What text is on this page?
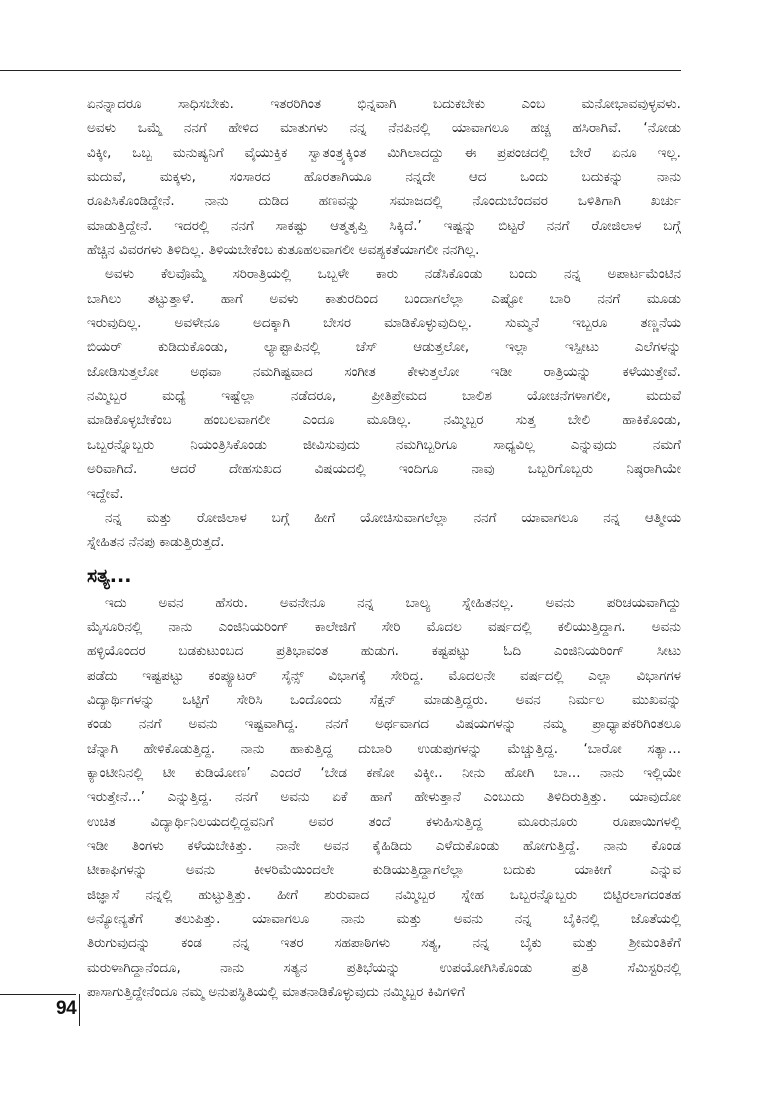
ಏನನ್ನಾದರೂ ಸಾಧಿಸಬೇಕು. ಇತರರಿಗಿಂತ ಭಿನ್ನವಾಗಿ ಬದುಕಬೇಕು ಎಂಬ ಮನೋಭಾವವುಳ್ಳವಳು.
ಅವಳು ಒಮ್ಮೆ ನನಗೆ ಹೇಳಿದ ಮಾತುಗಳು ನನ್ನ ನೆನಪಿನಲ್ಲಿ ಯಾವಾಗಲೂ ಹಚ್ಚ ಹಸಿರಾಗಿವೆ. ‘ನೋಡು
ವಿಕ್ಕೀ, ಒಬ್ಬ ಮನುಷ್ಯನಿಗೆ ವೈಯುಕ್ತಿಕ ಸ್ವಾತಂತ್ರ್ಯಕ್ಕಿಂತ ಮಿಗಿಲಾದದ್ದು ಈ ಪ್ರಪಂಚದಲ್ಲಿ ಬೇರೆ ಏನೂ ಇಲ್ಲ.
ಮದುವೆ, ಮಕ್ಕಳು, ಸಂಸಾರದ ಹೊರತಾಗಿಯೂ ನನ್ನದೇ ಆದ ಒಂದು ಬದುಕನ್ನು ನಾನು
ರೂಪಿಸಿಕೊಂಡಿದ್ದೇನೆ. ನಾನು ದುಡಿದ ಹಣವನ್ನು ಸಮಾಜದಲ್ಲಿ ನೊಂದುಬೆಂದವರ ಒಳಿತಿಗಾಗಿ ಖರ್ಚು
ಮಾಡುತ್ತಿದ್ದೇನೆ. ಇದರಲ್ಲಿ ನನಗೆ ಸಾಕಷ್ಟು ಆತ್ಮತೃಪ್ತಿ ಸಿಕ್ಕಿದೆ.’ ಇಷ್ಟನ್ನು ಬಿಟ್ಟರೆ ನನಗೆ ರೋಜಿಲಾಳ ಬಗ್ಗೆ
ಹೆಚ್ಚಿನ ವಿವರಗಳು ತಿಳಿದಿಲ್ಲ. ತಿಳಿಯಬೇಕೆಂಬ ಕುತೂಹಲವಾಗಲೀ ಅವಶ್ಯಕತೆಯಾಗಲೀ ನನಗಿಲ್ಲ.

ಅವಳು ಕೆಲವೊಮ್ಮೆ ಸರಿರಾತ್ರಿಯಲ್ಲಿ ಒಬ್ಬಳೇ ಕಾರು ನಡೆಸಿಕೊಂಡು ಬಂದು ನನ್ನ ಅಪಾರ್ಟಮೆಂಟಿನ
ಬಾಗಿಲು ತಟ್ಟುತ್ತಾಳೆ. ಹಾಗೆ ಅವಳು ಕಾತುರದಿಂದ ಬಂದಾಗಲೆಲ್ಲಾ ಎಷ್ಟೋ ಬಾರಿ ನನಗೆ ಮೂಡು
ಇರುವುದಿಲ್ಲ. ಅವಳೇನೂ ಅದಕ್ಕಾಗಿ ಬೇಸರ ಮಾಡಿಕೊಳ್ಳುವುದಿಲ್ಲ. ಸುಮ್ಮನೆ ಇಬ್ಬರೂ ತಣ್ಣನೆಯ
ಬಿಯರ್ ಕುಡಿದುಕೊಂಡು, ಲ್ಯಾಪ್ಟಾಪಿನಲ್ಲಿ ಚೆಸ್ ಆಡುತ್ತಲೋ, ಇಲ್ಲಾ ಇಸ್ಪೀಟು ಎಲೆಗಳನ್ನು
ಜೋಡಿಸುತ್ತಲೋ ಅಥವಾ ನಮಗಿಷ್ಟವಾದ ಸಂಗೀತ ಕೇಳುತ್ತಲೋ ಇಡೀ ರಾತ್ರಿಯನ್ನು ಕಳೆಯುತ್ತೇವೆ.
ನಮ್ಮಿಬ್ಬರ ಮಧ್ಯೆ ಇಷ್ಟೆಲ್ಲಾ ನಡೆದರೂ, ಪ್ರೀತಿಪ್ರೇಮದ ಬಾಲಿಶ ಯೋಚನೆಗಳಾಗಲೀ, ಮದುವೆ
ಮಾಡಿಕೊಳ್ಳಬೇಕೆಂಬ ಹಂಬಲವಾಗಲೀ ಎಂದೂ ಮೂಡಿಲ್ಲ. ನಮ್ಮಿಬ್ಬರ ಸುತ್ತ ಬೇಲಿ ಹಾಕಿಕೊಂಡು,
ಒಬ್ಬರನ್ನೊಬ್ಬರು ನಿಯಂತ್ರಿಸಿಕೊಂಡು ಜೀವಿಸುವುದು ನಮಗಿಬ್ಬರಿಗೂ ಸಾಧ್ಯವಿಲ್ಲ ಎನ್ನುವುದು ನಮಗೆ
ಅರಿವಾಗಿದೆ. ಆದರೆ ದೇಹಸುಖದ ವಿಷಯದಲ್ಲಿ ಇಂದಿಗೂ ನಾವು ಒಬ್ಬರಿಗೊಬ್ಬರು ನಿಷ್ಠರಾಗಿಯೇ
ಇದ್ದೇವೆ.

ನನ್ನ ಮತ್ತು ರೋಜಿಲಾಳ ಬಗ್ಗೆ ಹೀಗೆ ಯೋಚಿಸುವಾಗಲೆಲ್ಲಾ ನನಗೆ ಯಾವಾಗಲೂ ನನ್ನ ಆತ್ಮೀಯ
ಸ್ನೇಹಿತನ ನೆನಪು ಕಾಡುತ್ತಿರುತ್ತದೆ.

ಸತ್ಯ...

ಇದು ಅವನ ಹೆಸರು. ಅವನೇನೂ ನನ್ನ ಬಾಲ್ಯ ಸ್ನೇಹಿತನಲ್ಲ. ಅವನು ಪರಿಚಯವಾಗಿದ್ದು
ಮೈಸೂರಿನಲ್ಲಿ ನಾನು ಎಂಜಿನಿಯರಿಂಗ್ ಕಾಲೇಜಿಗೆ ಸೇರಿ ಮೊದಲ ವರ್ಷದಲ್ಲಿ ಕಲಿಯುತ್ತಿದ್ದಾಗ. ಅವನು
ಹಳ್ಳಿಯೊಂದರ ಬಡಕುಟುಂಬದ ಪ್ರತಿಭಾವಂತ ಹುಡುಗ. ಕಷ್ಟಪಟ್ಟು ಓದಿ ಎಂಜಿನಿಯರಿಂಗ್ ಸೀಟು
ಪಡೆದು ಇಷ್ಟಪಟ್ಟು ಕಂಪ್ಯೂಟರ್ ಸೈನ್ಸ್ ವಿಭಾಗಕ್ಕೆ ಸೇರಿದ್ದ. ಮೊದಲನೇ ವರ್ಷದಲ್ಲಿ ಎಲ್ಲಾ ವಿಭಾಗಗಳ
ವಿದ್ಯಾರ್ಥಿಗಳನ್ನು ಒಟ್ಟಿಗೆ ಸೇರಿಸಿ ಒಂದೊಂದು ಸೆಕ್ಷನ್ ಮಾಡುತ್ತಿದ್ದರು. ಅವನ ನಿರ್ಮಲ ಮುಖವನ್ನು
ಕಂಡು ನನಗೆ ಅವನು ಇಷ್ಟವಾಗಿದ್ದ. ನನಗೆ ಅರ್ಥವಾಗದ ವಿಷಯಗಳನ್ನು ನಮ್ಮ ಪ್ರಾಧ್ಯಾಪಕರಿಗಿಂತಲೂ
ಚೆನ್ನಾಗಿ ಹೇಳಿಕೊಡುತ್ತಿದ್ದ. ನಾನು ಹಾಕುತ್ತಿದ್ದ ದುಬಾರಿ ಉಡುಪುಗಳನ್ನು ಮೆಚ್ಚುತ್ತಿದ್ದ. ‘ಬಾರೋ ಸತ್ಯಾ...
ಕ್ಯಾಂಟೀನಿನಲ್ಲಿ ಟೀ ಕುಡಿಯೋಣ’ ಎಂದರೆ ‘ಬೇಡ ಕಣೋ ವಿಕ್ಕೀ.. ನೀನು ಹೋಗಿ ಬಾ... ನಾನು ಇಲ್ಲಿಯೇ
ಇರುತ್ತೇನೆ...’ ಎನ್ನುತ್ತಿದ್ದ. ನನಗೆ ಅವನು ಏಕೆ ಹಾಗೆ ಹೇಳುತ್ತಾನೆ ಎಂಬುದು ತಿಳಿದಿರುತ್ತಿತ್ತು. ಯಾವುದೋ
ಉಚಿತ ವಿದ್ಯಾರ್ಥಿನಿಲಯದಲ್ಲಿದ್ದವನಿಗೆ ಅವರ ತಂದೆ ಕಳುಹಿಸುತ್ತಿದ್ದ ಮೂರುನೂರು ರೂಪಾಯಿಗಳಲ್ಲಿ
ಇಡೀ ತಿಂಗಳು ಕಳೆಯಬೇಕಿತ್ತು. ನಾನೇ ಅವನ ಕೈಹಿಡಿದು ಎಳೆದುಕೊಂಡು ಹೋಗುತ್ತಿದ್ದೆ. ನಾನು ಕೊಂಡ
ಟೀಕಾಫಿಗಳನ್ನು ಅವನು ಕೀಳರಿಮೆಯಿಂದಲೇ ಕುಡಿಯುತ್ತಿದ್ದಾಗಲೆಲ್ಲಾ ಬದುಕು ಯಾಕೀಗೆ ಎನ್ನುವ
ಜಿಜ್ಞಾಸೆ ನನ್ನಲ್ಲಿ ಹುಟ್ಟುತ್ತಿತ್ತು. ಹೀಗೆ ಶುರುವಾದ ನಮ್ಮಿಬ್ಬರ ಸ್ನೇಹ ಒಬ್ಬರನ್ನೊಬ್ಬರು ಬಿಟ್ಟಿರಲಾಗದಂತಹ
ಅನ್ಯೋನ್ಯತೆಗೆ ತಲುಪಿತ್ತು. ಯಾವಾಗಲೂ ನಾನು ಮತ್ತು ಅವನು ನನ್ನ ಬೈಕಿನಲ್ಲಿ ಜೊತೆಯಲ್ಲಿ
ತಿರುಗುವುದನ್ನು ಕಂಡ ನನ್ನ ಇತರ ಸಹಪಾಠಿಗಳು ಸತ್ಯ, ನನ್ನ ಬೈಕು ಮತ್ತು ಶ್ರೀಮಂತಿಕೆಗೆ
ಮರುಳಾಗಿದ್ದಾನೆಂದೂ, ನಾನು ಸತ್ಯನ ಪ್ರತಿಭೆಯನ್ನು ಉಪಯೋಗಿಸಿಕೊಂಡು ಪ್ರತಿ ಸೆಮಿಸ್ಟರಿನಲ್ಲಿ
ಪಾಸಾಗುತ್ತಿದ್ದೇನೆಂದೂ ನಮ್ಮ ಅನುಪಸ್ಥಿತಿಯಲ್ಲಿ ಮಾತನಾಡಿಕೊಳ್ಳುವುದು ನಮ್ಮಿಬ್ಬರ ಕಿವಿಗಳಿಗೆ

94
